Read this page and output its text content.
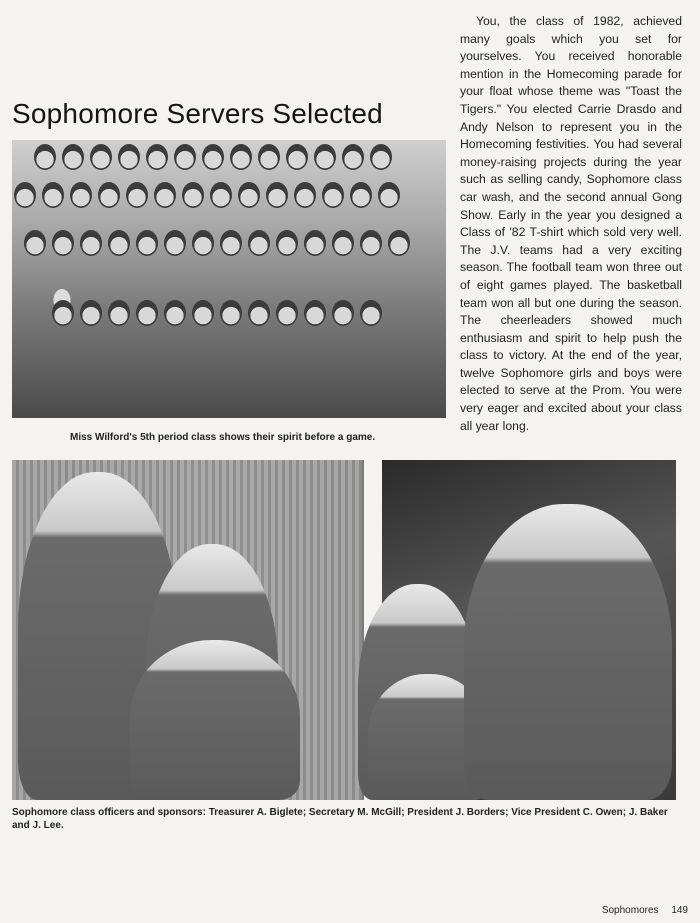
Sophomore Servers Selected

You, the class of 1982, achieved many goals which you set for yourselves. You received honorable mention in the Homecoming parade for your float whose theme was "Toast the Tigers." You elected Carrie Drasdo and Andy Nelson to represent you in the Homecoming festivities. You had several money-raising projects during the year such as selling candy, Sophomore class car wash, and the second annual Gong Show. Early in the year you designed a Class of '82 T-shirt which sold very well. The J.V. teams had a very exciting season. The football team won three out of eight games played. The basketball team won all but one during the season. The cheerleaders showed much enthusiasm and spirit to help push the class to victory. At the end of the year, twelve Sophomore girls and boys were elected to serve at the Prom. You were very eager and excited about your class all year long.

Miss Wilford's 5th period class shows their spirit before a game.

Sophomore class officers and sponsors: Treasurer A. Biglete; Secretary M. McGill; President J. Borders; Vice President C. Owen; J. Baker and J. Lee.

Sophomores 149
